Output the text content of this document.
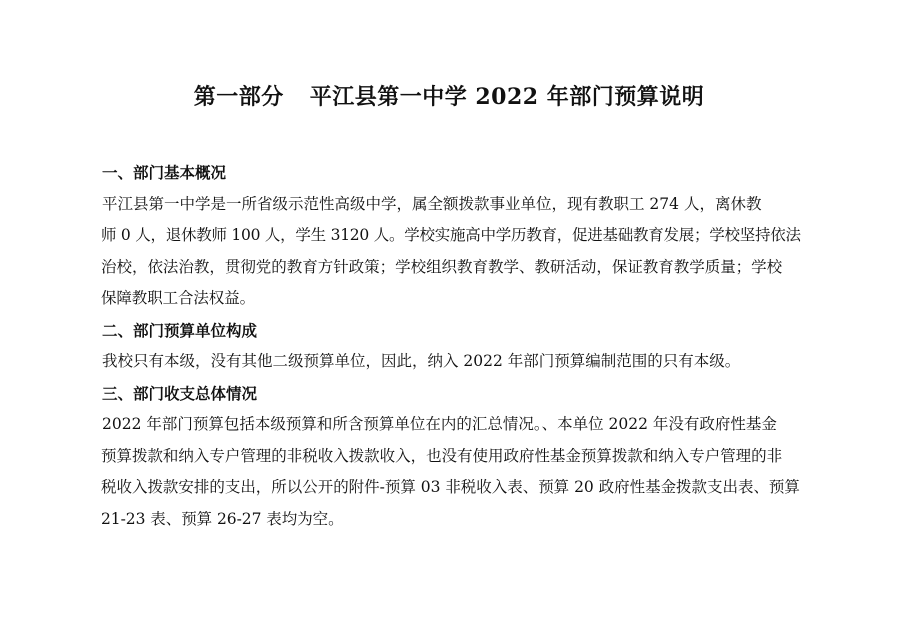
第一部分 平江县第一中学 2022 年部门预算说明
一、部门基本概况
平江县第一中学是一所省级示范性高级中学，属全额拨款事业单位，现有教职工 274 人，离休教
师 0 人，退休教师 100 人，学生 3120 人。学校实施高中学历教育，促进基础教育发展；学校坚持依法
治校，依法治教，贯彻党的教育方针政策；学校组织教育教学、教研活动，保证教育教学质量；学校
保障教职工合法权益。
二、部门预算单位构成
我校只有本级，没有其他二级预算单位，因此，纳入 2022 年部门预算编制范围的只有本级。
三、部门收支总体情况
2022 年部门预算包括本级预算和所含预算单位在内的汇总情况。、本单位 2022 年没有政府性基金
预算拨款和纳入专户管理的非税收入拨款收入，也没有使用政府性基金预算拨款和纳入专户管理的非
税收入拨款安排的支出，所以公开的附件-预算 03 非税收入表、预算 20 政府性基金拨款支出表、预算
21-23 表、预算 26-27 表均为空。
